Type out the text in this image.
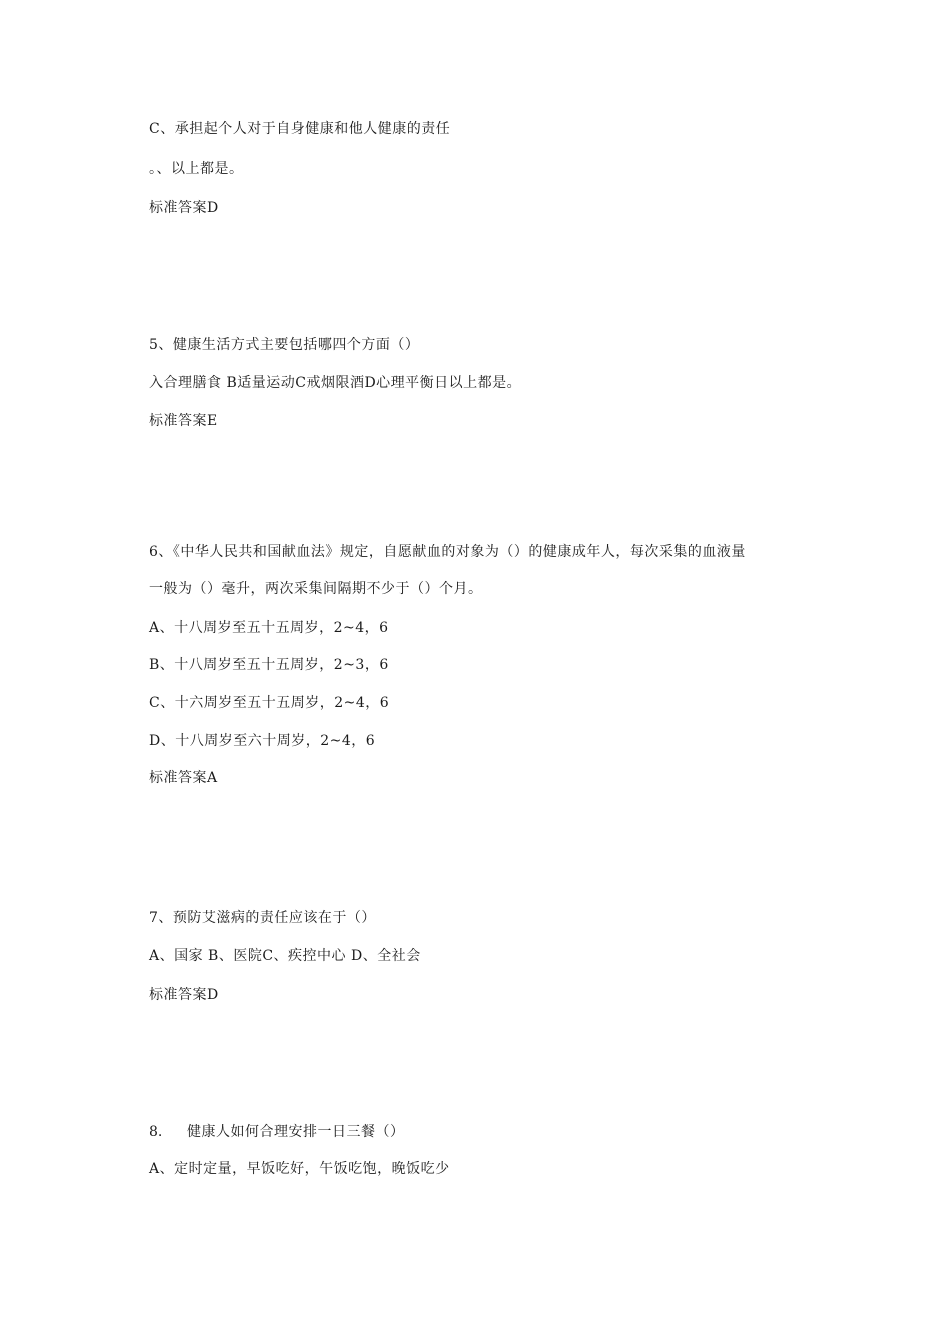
C、承担起个人对于自身健康和他人健康的责任
。、以上都是。
标准答案D
5、健康生活方式主要包括哪四个方面（）
入合理膳食 B适量运动C戒烟限酒D心理平衡日以上都是。
标准答案E
6、《中华人民共和国献血法》规定，自愿献血的对象为（）的健康成年人，每次采集的血液量
一般为（）毫升，两次采集间隔期不少于（）个月。
A、十八周岁至五十五周岁，2~4，6
B、十八周岁至五十五周岁，2~3，6
C、十六周岁至五十五周岁，2~4，6
D、十八周岁至六十周岁，2~4，6
标准答案A
7、预防艾滋病的责任应该在于（）
A、国家 B、医院C、疾控中心 D、全社会
标准答案D
8. 健康人如何合理安排一日三餐（）
A、定时定量，早饭吃好，午饭吃饱，晚饭吃少
